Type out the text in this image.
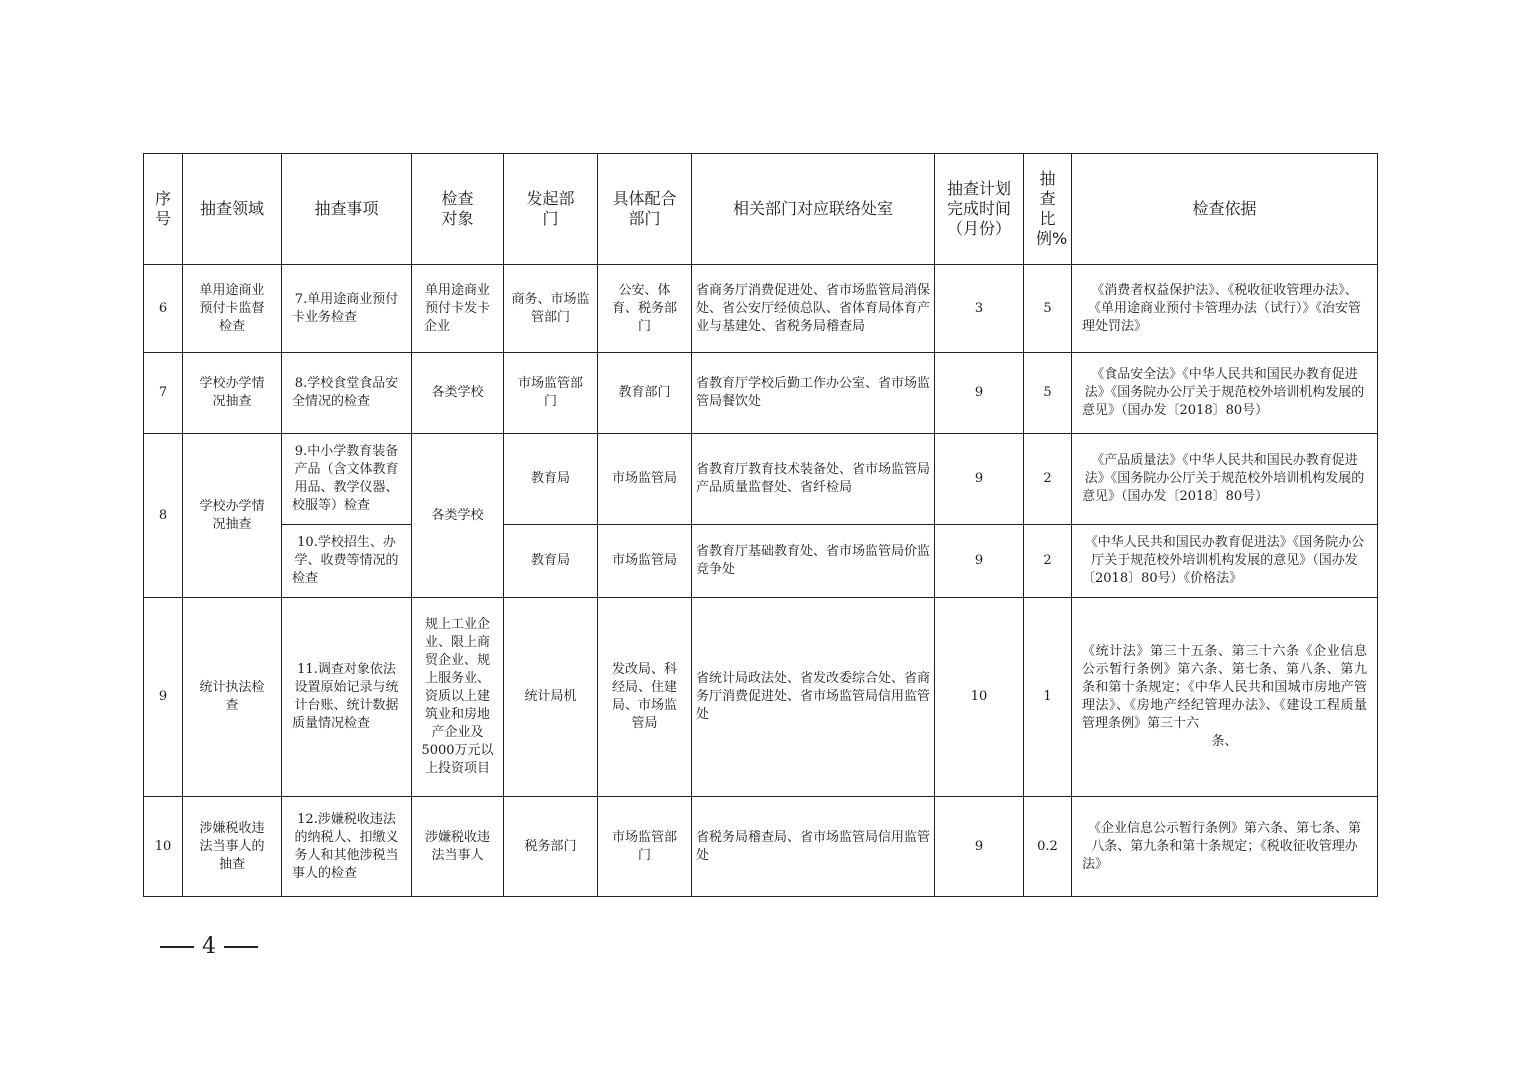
序号	抽查领域	抽查事项	检查对象	发起部门	具体配合部门	相关部门对应联络处室	抽查计划完成时间（月份）	抽查比例%	检查依据
6	单用途商业预付卡监督检查	7.单用途商业预付卡业务检查	单用途商业预付卡发卡企业	商务、市场监管部门	公安、体育、税务部门	省商务厅消费促进处、省市场监管局消保处、省公安厅经侦总队、省体育局体育产业与基建处、省税务局稽查局	3	5	《消费者权益保护法》、《税收征收管理办法》、《单用途商业预付卡管理办法（试行）》《治安管理处罚法》
7	学校办学情况抽查	8.学校食堂食品安全情况的检查	各类学校	市场监管部门	教育部门	省教育厅学校后勤工作办公室、省市场监管局餐饮处	9	5	《食品安全法》《中华人民共和国民办教育促进法》《国务院办公厅关于规范校外培训机构发展的意见》（国办发〔2018〕80号）
8	学校办学情况抽查	9.中小学教育装备产品（含文体教育用品、教学仪器、校服等）检查	各类学校	教育局	市场监管局	省教育厅教育技术装备处、省市场监管局产品质量监督处、省纤检局	9	2	《产品质量法》《中华人民共和国民办教育促进法》《国务院办公厅关于规范校外培训机构发展的意见》（国办发〔2018〕80号）
		10.学校招生、办学、收费等情况的检查		教育局	市场监管局	省教育厅基础教育处、省市场监管局价监竞争处	9	2	《中华人民共和国民办教育促进法》《国务院办公厅关于规范校外培训机构发展的意见》（国办发〔2018〕80号）《价格法》
9	统计执法检查	11.调查对象依法设置原始记录与统计台账、统计数据质量情况检查	规上工业企业、限上商贸企业、规上服务业、资质以上建筑业和房地产企业及5000万元以上投资项目	统计局机	发改局、科经局、住建局、市场监管局	省统计局政法处、省发改委综合处、省商务厅消费促进处、省市场监管局信用监管处	10	1	《统计法》第三十五条、第三十六条《企业信息公示暂行条例》第六条、第七条、第八条、第九条和第十条规定；《中华人民共和国城市房地产管理法》、《房地产经纪管理办法》、《建设工程质量管理条例》第三十六
条、

10	涉嫌税收违法当事人的抽查	12.涉嫌税收违法的纳税人、扣缴义务人和其他涉税当事人的检查	涉嫌税收违法当事人	税务部门	市场监管部门	省税务局稽查局、省市场监管局信用监管处	9	0.2	《企业信息公示暂行条例》第六条、第七条、第八条、第九条和第十条规定；《税收征收管理办法》
4
